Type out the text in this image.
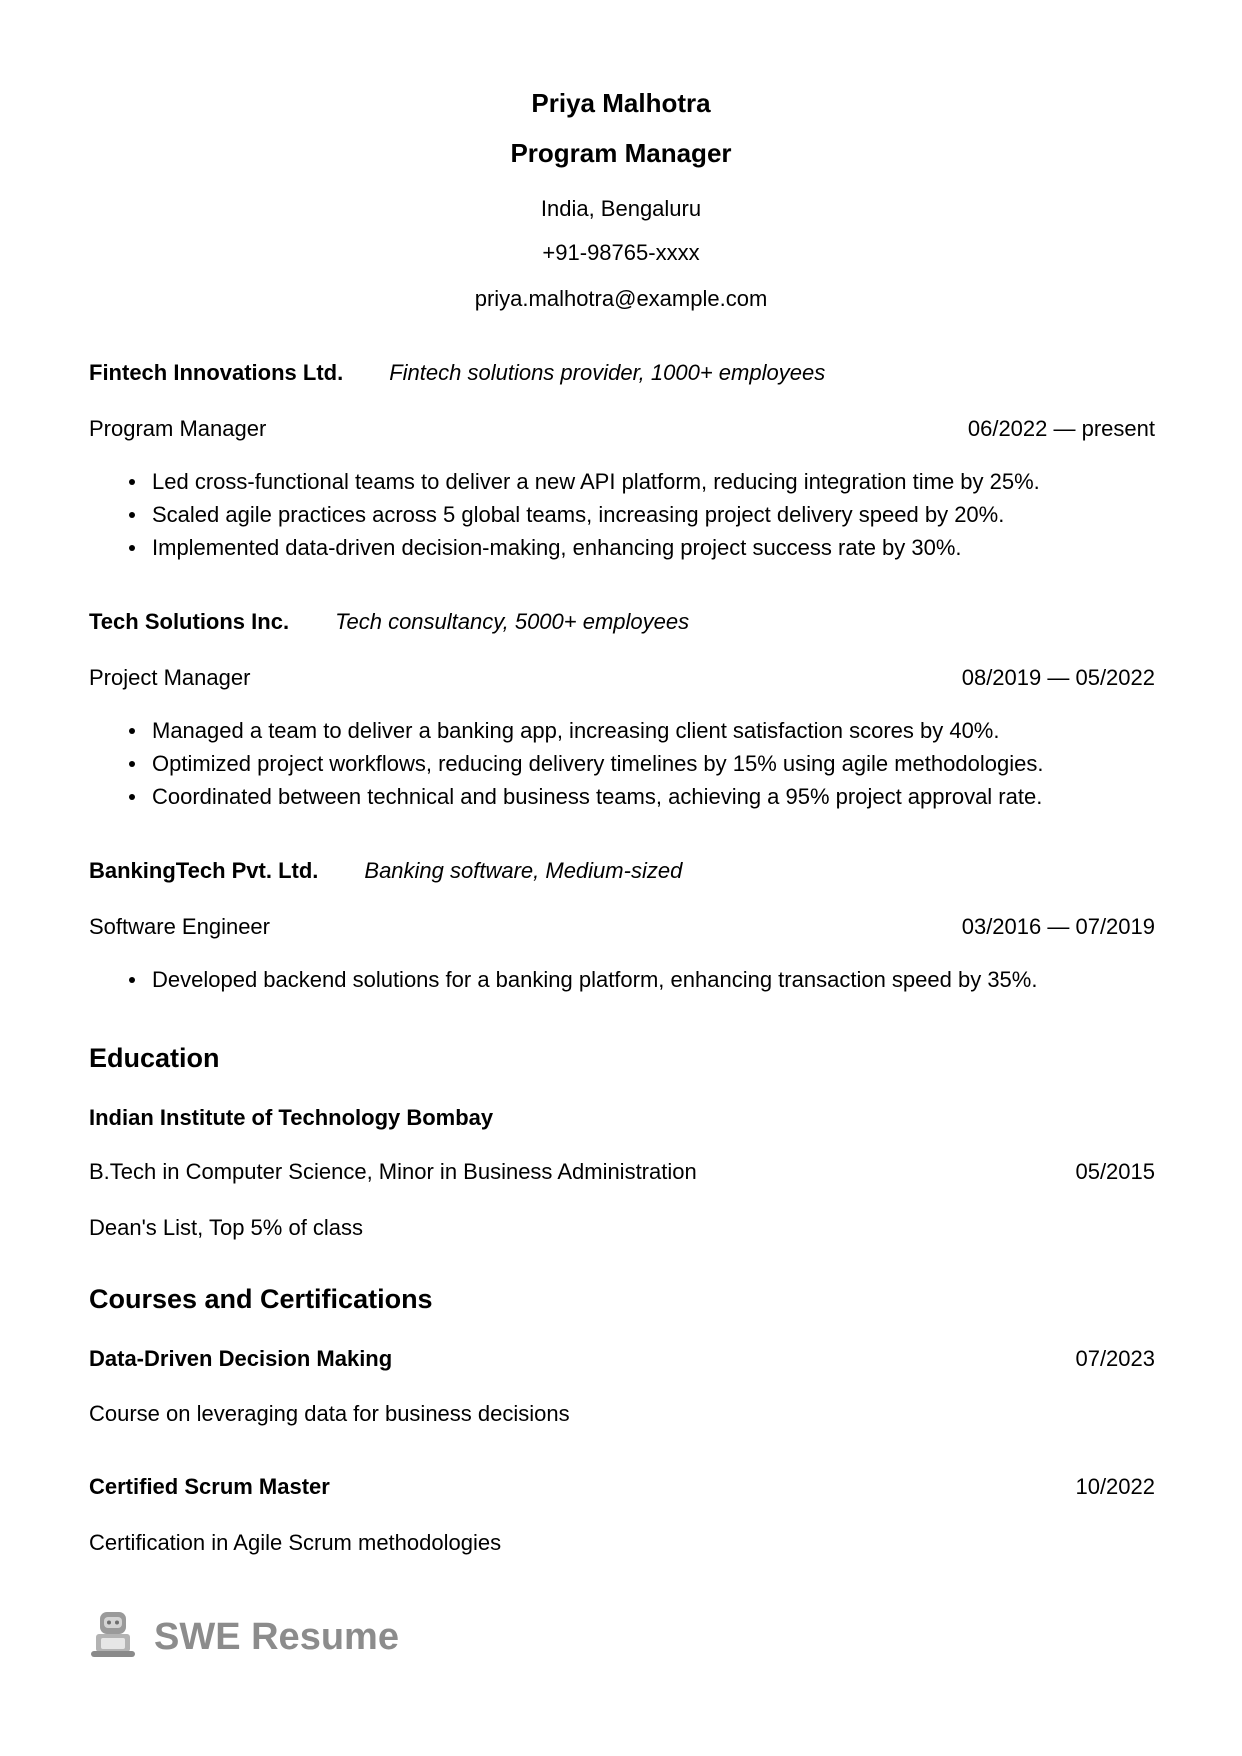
Priya Malhotra
Program Manager
India, Bengaluru
+91-98765-xxxx
priya.malhotra@example.com
Fintech Innovations Ltd. Fintech solutions provider, 1000+ employees
Program Manager	06/2022 — present
Led cross-functional teams to deliver a new API platform, reducing integration time by 25%.
Scaled agile practices across 5 global teams, increasing project delivery speed by 20%.
Implemented data-driven decision-making, enhancing project success rate by 30%.
Tech Solutions Inc. Tech consultancy, 5000+ employees
Project Manager	08/2019 — 05/2022
Managed a team to deliver a banking app, increasing client satisfaction scores by 40%.
Optimized project workflows, reducing delivery timelines by 15% using agile methodologies.
Coordinated between technical and business teams, achieving a 95% project approval rate.
BankingTech Pvt. Ltd. Banking software, Medium-sized
Software Engineer	03/2016 — 07/2019
Developed backend solutions for a banking platform, enhancing transaction speed by 35%.
Education
Indian Institute of Technology Bombay
B.Tech in Computer Science, Minor in Business Administration	05/2015
Dean's List, Top 5% of class
Courses and Certifications
Data-Driven Decision Making	07/2023
Course on leveraging data for business decisions
Certified Scrum Master	10/2022
Certification in Agile Scrum methodologies
SWE Resume
